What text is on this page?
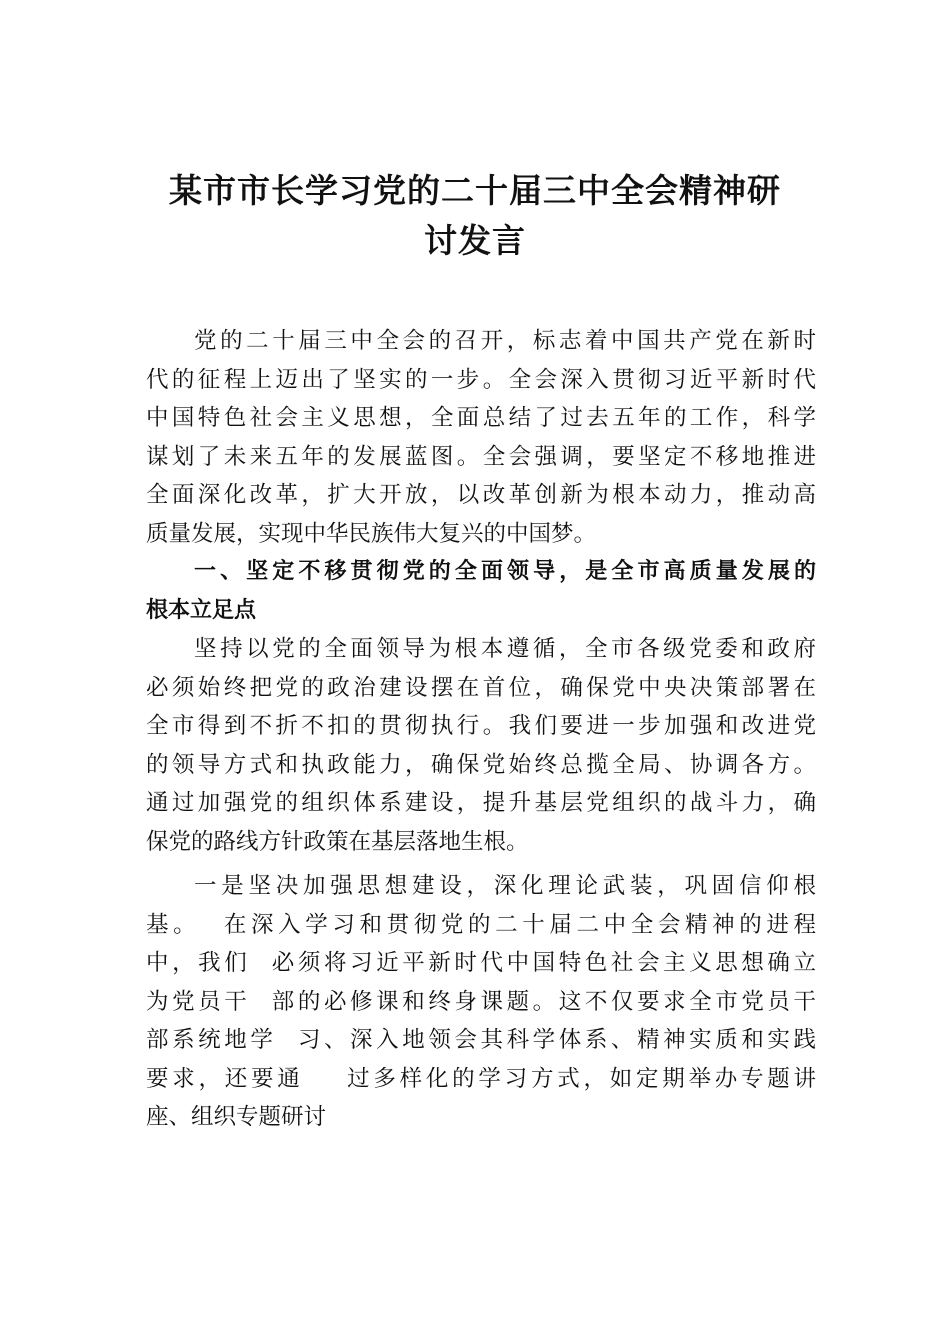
某市市长学习党的二十届三中全会精神研
讨发言
党的二十届三中全会的召开，标志着中国共产党在新时
代的征程上迈出了坚实的一步。全会深入贯彻习近平新时代
中国特色社会主义思想，全面总结了过去五年的工作，科学
谋划了未来五年的发展蓝图。全会强调，要坚定不移地推进
全面深化改革，扩大开放，以改革创新为根本动力，推动高
质量发展，实现中华民族伟大复兴的中国梦。
一、坚定不移贯彻党的全面领导，是全市高质量发展的
根本立足点
坚持以党的全面领导为根本遵循，全市各级党委和政府
必须始终把党的政治建设摆在首位，确保党中央决策部署在
全市得到不折不扣的贯彻执行。我们要进一步加强和改进党
的领导方式和执政能力，确保党始终总揽全局、协调各方。
通过加强党的组织体系建设，提升基层党组织的战斗力，确
保党的路线方针政策在基层落地生根。
一是坚决加强思想建设，深化理论武装，巩固信仰根
基。  在深入学习和贯彻党的二十届二中全会精神的进程
中，我们  必须将习近平新时代中国特色社会主义思想确立
为党员干  部的必修课和终身课题。这不仅要求全市党员干
部系统地学  习、深入地领会其科学体系、精神实质和实践
要求，还要通    过多样化的学习方式，如定期举办专题讲
座、组织专题研讨
